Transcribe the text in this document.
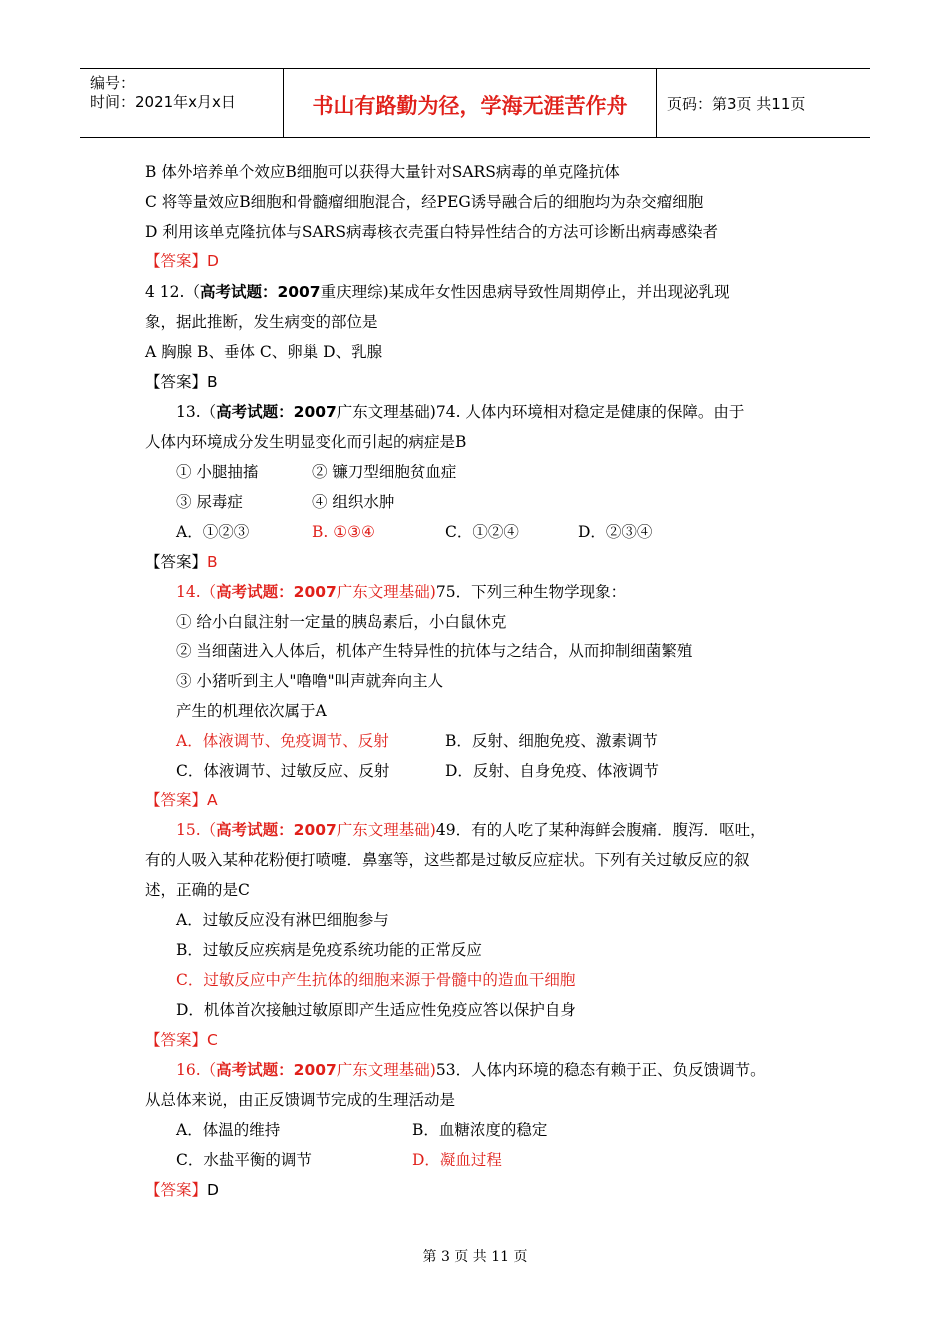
编号：
时间：2021年x月x日	书山有路勤为径，学海无涯苦作舟	页码：第3页 共11页
B 体外培养单个效应B细胞可以获得大量针对SARS病毒的单克隆抗体
C 将等量效应B细胞和骨髓瘤细胞混合，经PEG诱导融合后的细胞均为杂交瘤细胞
D 利用该单克隆抗体与SARS病毒核衣壳蛋白特异性结合的方法可诊断出病毒感染者
【答案】D
4 12.（高考试题：2007重庆理综)某成年女性因患病导致性周期停止，并出现泌乳现
象，据此推断，发生病变的部位是
A 胸腺 B、垂体 C、卵巢 D、乳腺
【答案】B
13.（高考试题：2007广东文理基础)74. 人体内环境相对稳定是健康的保障。由于
人体内环境成分发生明显变化而引起的病症是B
① 小腿抽搐	② 镰刀型细胞贫血症
③ 尿毒症	④ 组织水肿
A．①②③	B. ①③④	C．①②④	D．②③④
【答案】B
14.（高考试题：2007广东文理基础)75．下列三种生物学现象：
① 给小白鼠注射一定量的胰岛素后，小白鼠休克
② 当细菌进入人体后，机体产生特异性的抗体与之结合，从而抑制细菌繁殖
③ 小猪听到主人"噜噜"叫声就奔向主人
产生的机理依次属于A
A．体液调节、免疫调节、反射	B．反射、细胞免疫、激素调节
C．体液调节、过敏反应、反射	D．反射、自身免疫、体液调节
【答案】A
15.（高考试题：2007广东文理基础)49．有的人吃了某种海鲜会腹痛．腹泻．呕吐，
有的人吸入某种花粉便打喷嚏．鼻塞等，这些都是过敏反应症状。下列有关过敏反应的叙
述，正确的是C
A．过敏反应没有淋巴细胞参与
B．过敏反应疾病是免疫系统功能的正常反应
C．过敏反应中产生抗体的细胞来源于骨髓中的造血干细胞
D．机体首次接触过敏原即产生适应性免疫应答以保护自身
【答案】C
16.（高考试题：2007广东文理基础)53．人体内环境的稳态有赖于正、负反馈调节。
从总体来说，由正反馈调节完成的生理活动是
A．体温的维持	B．血糖浓度的稳定
C．水盐平衡的调节	D．凝血过程
【答案】D
第 3 页 共 11 页
